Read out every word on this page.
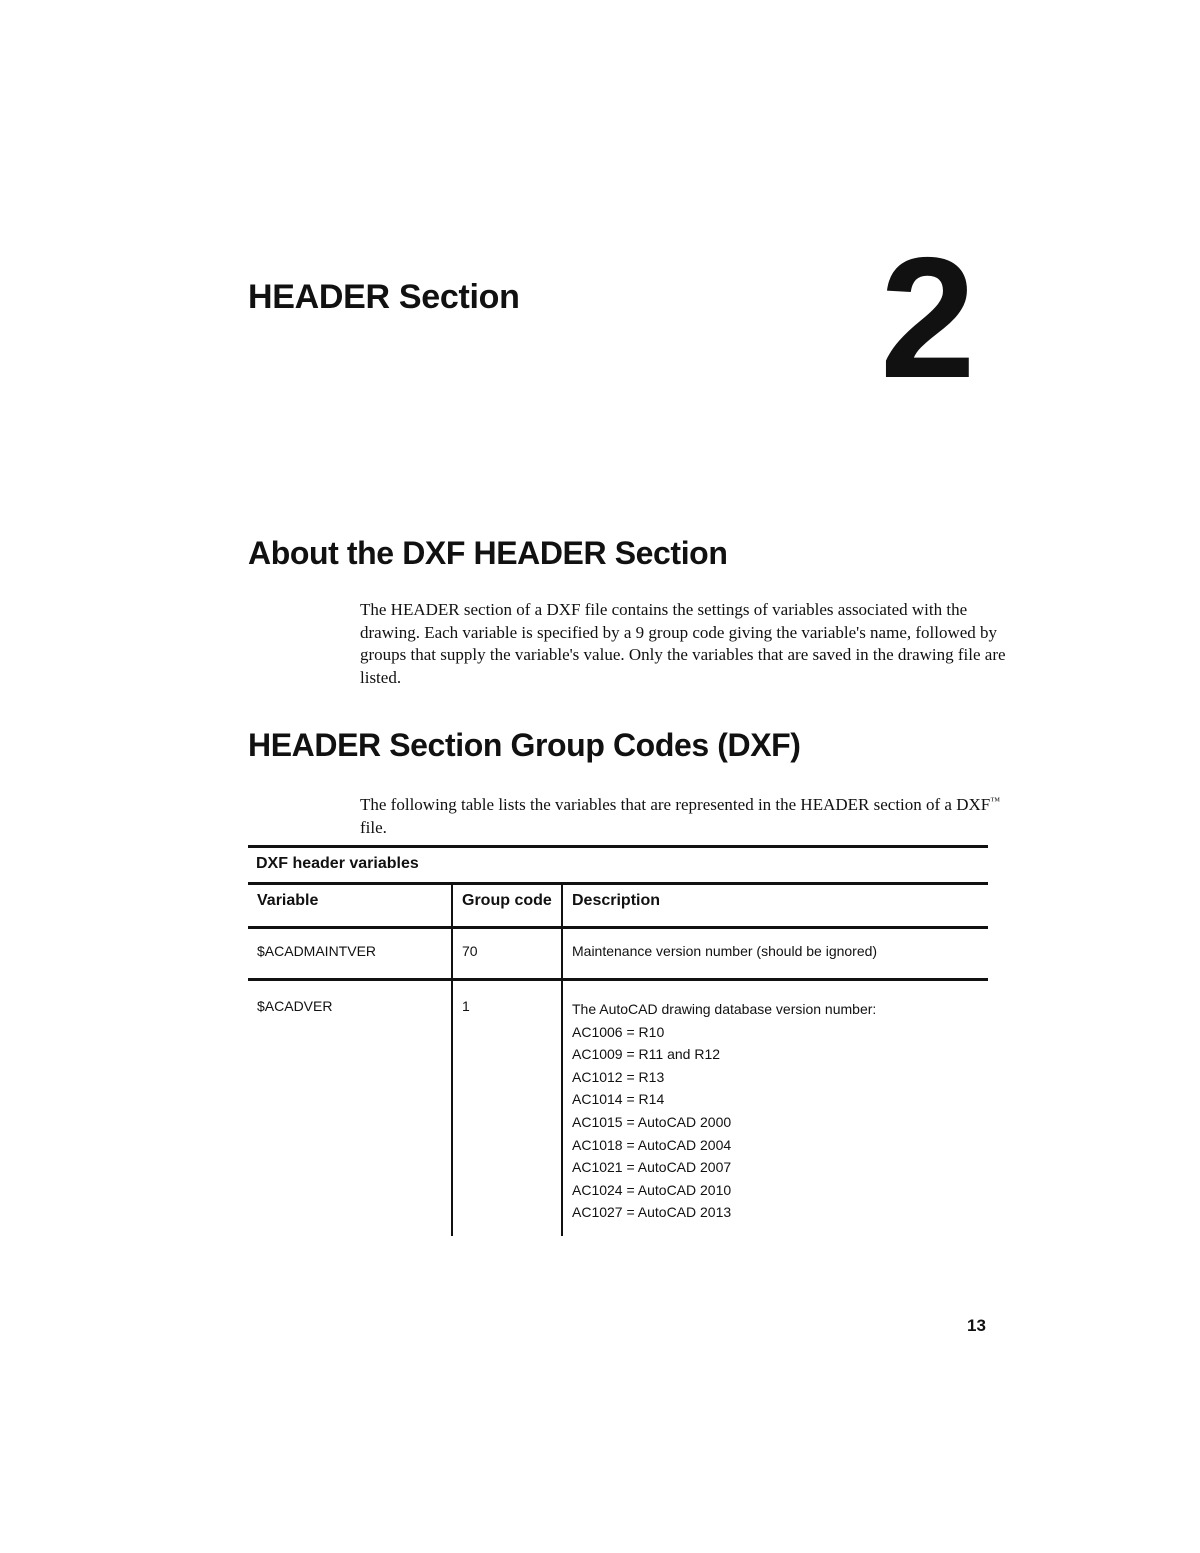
HEADER Section 2
About the DXF HEADER Section

The HEADER section of a DXF file contains the settings of variables associated with the drawing. Each variable is specified by a 9 group code giving the variable's name, followed by groups that supply the variable's value. Only the variables that are saved in the drawing file are listed.

HEADER Section Group Codes (DXF)

The following table lists the variables that are represented in the HEADER section of a DXF™ file.

DXF header variables
Variable	Group code	Description
$ACADMAINTVER	70	Maintenance version number (should be ignored)
$ACADVER	1	The AutoCAD drawing database version number:
AC1006 = R10
AC1009 = R11 and R12
AC1012 = R13
AC1014 = R14
AC1015 = AutoCAD 2000
AC1018 = AutoCAD 2004
AC1021 = AutoCAD 2007
AC1024 = AutoCAD 2010
AC1027 = AutoCAD 2013
13
